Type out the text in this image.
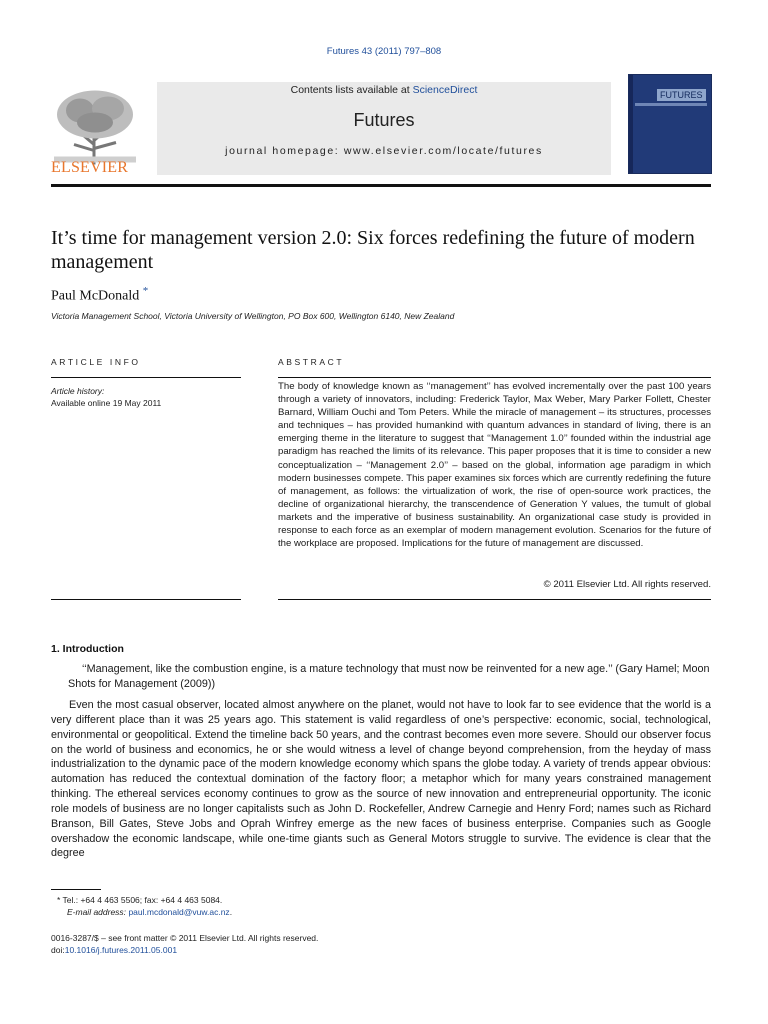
Futures 43 (2011) 797–808
ELSEVIER
Contents lists available at ScienceDirect
Futures
journal homepage: www.elsevier.com/locate/futures
FUTURES
It’s time for management version 2.0: Six forces redefining the future of modern management
Paul McDonald *
Victoria Management School, Victoria University of Wellington, PO Box 600, Wellington 6140, New Zealand
ARTICLE INFO	ABSTRACT
Article history:
Available online 19 May 2011
The body of knowledge known as ‘‘management’’ has evolved incrementally over the past 100 years through a variety of innovators, including: Frederick Taylor, Max Weber, Mary Parker Follett, Chester Barnard, William Ouchi and Tom Peters. While the miracle of management – its structures, processes and techniques – has provided humankind with quantum advances in standard of living, there is an emerging theme in the literature to suggest that ‘‘Management 1.0’’ founded within the industrial age paradigm has reached the limits of its relevance. This paper proposes that it is time to consider a new conceptualization – ‘‘Management 2.0’’ – based on the global, information age paradigm in which modern businesses compete. This paper examines six forces which are currently redefining the future of management, as follows: the virtualization of work, the rise of open-source work practices, the decline of organizational hierarchy, the transcendence of Generation Y values, the tumult of global markets and the imperative of business sustainability. An organizational case study is provided in response to each force as an exemplar of modern management evolution. Scenarios for the future of the workplace are proposed. Implications for the future of management are discussed.
© 2011 Elsevier Ltd. All rights reserved.
1. Introduction
‘‘Management, like the combustion engine, is a mature technology that must now be reinvented for a new age.’’ (Gary Hamel; Moon Shots for Management (2009))
Even the most casual observer, located almost anywhere on the planet, would not have to look far to see evidence that the world is a very different place than it was 25 years ago. This statement is valid regardless of one’s perspective: economic, social, technological, environmental or geopolitical. Extend the timeline back 50 years, and the contrast becomes even more severe. Should our observer focus on the world of business and economics, he or she would witness a level of change beyond comprehension, from the heyday of mass industrialization to the dynamic pace of the modern knowledge economy which spans the globe today. A variety of trends appear obvious: automation has reduced the contextual domination of the factory floor; a metaphor which for many years constrained management thinking. The ethereal services economy continues to grow as the source of new innovation and entrepreneurial opportunity. The iconic role models of business are no longer capitalists such as John D. Rockefeller, Andrew Carnegie and Henry Ford; names such as Richard Branson, Bill Gates, Steve Jobs and Oprah Winfrey emerge as the new faces of business enterprise. Companies such as Google overshadow the economic landscape, while one-time giants such as General Motors struggle to survive. The evidence is clear that the degree
* Tel.: +64 4 463 5506; fax: +64 4 463 5084.
E-mail address: paul.mcdonald@vuw.ac.nz.
0016-3287/$ – see front matter © 2011 Elsevier Ltd. All rights reserved.
doi:10.1016/j.futures.2011.05.001
